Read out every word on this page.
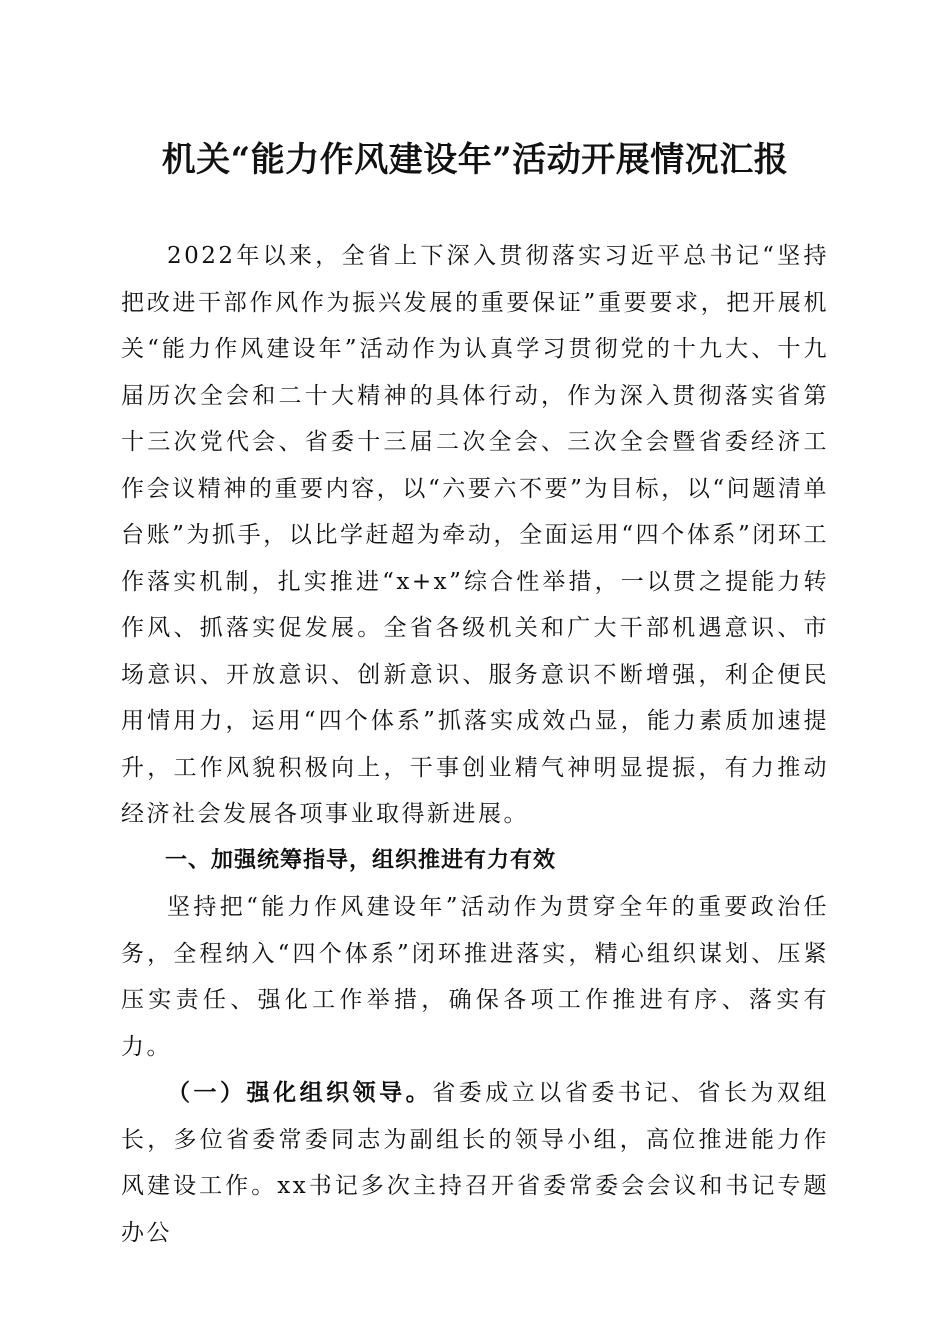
机关“能力作风建设年”活动开展情况汇报

2022年以来，全省上下深入贯彻落实习近平总书记“坚持把改进干部作风作为振兴发展的重要保证”重要要求，把开展机关“能力作风建设年”活动作为认真学习贯彻党的十九大、十九届历次全会和二十大精神的具体行动，作为深入贯彻落实省第十三次党代会、省委十三届二次全会、三次全会暨省委经济工作会议精神的重要内容，以“六要六不要”为目标，以“问题清单台账”为抓手，以比学赶超为牵动，全面运用“四个体系”闭环工作落实机制，扎实推进“x+x”综合性举措，一以贯之提能力转作风、抓落实促发展。全省各级机关和广大干部机遇意识、市场意识、开放意识、创新意识、服务意识不断增强，利企便民用情用力，运用“四个体系”抓落实成效凸显，能力素质加速提升，工作风貌积极向上，干事创业精气神明显提振，有力推动经济社会发展各项事业取得新进展。

一、加强统筹指导，组织推进有力有效

坚持把“能力作风建设年”活动作为贯穿全年的重要政治任务，全程纳入“四个体系”闭环推进落实，精心组织谋划、压紧压实责任、强化工作举措，确保各项工作推进有序、落实有力。

（一）强化组织领导。省委成立以省委书记、省长为双组长，多位省委常委同志为副组长的领导小组，高位推进能力作风建设工作。xx书记多次主持召开省委常委会会议和书记专题办公
